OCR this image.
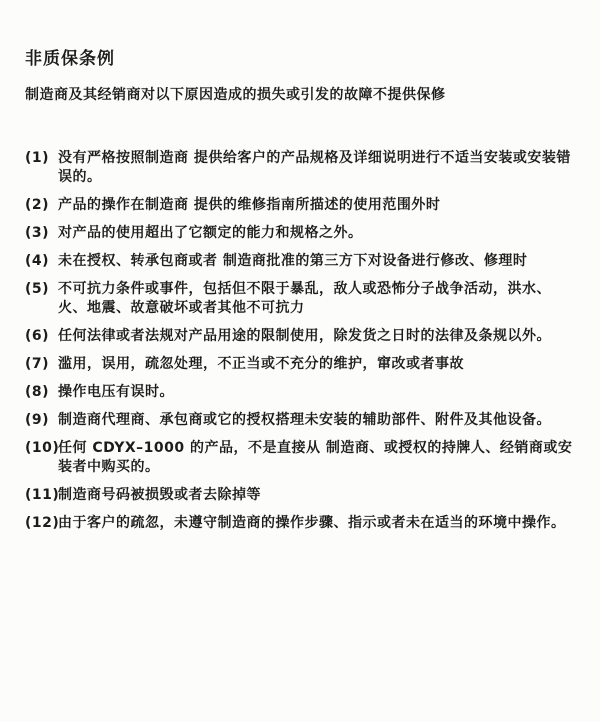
非质保条例

制造商及其经销商对以下原因造成的损失或引发的故障不提供保修

(1) 没有严格按照制造商 提供给客户的产品规格及详细说明进行不适当安装或安装错误的。
(2) 产品的操作在制造商 提供的维修指南所描述的使用范围外时
(3) 对产品的使用超出了它额定的能力和规格之外。
(4) 未在授权、转承包商或者 制造商批准的第三方下对设备进行修改、修理时
(5) 不可抗力条件或事件，包括但不限于暴乱，敌人或恐怖分子战争活动，洪水、火、地震、故意破坏或者其他不可抗力
(6) 任何法律或者法规对产品用途的限制使用，除发货之日时的法律及条规以外。
(7) 滥用，误用，疏忽处理，不正当或不充分的维护，窜改或者事故
(8) 操作电压有误时。
(9) 制造商代理商、承包商或它的授权搭理未安装的辅助部件、附件及其他设备。
(10)
任何 CDYX–1000 的产品，不是直接从 制造商、或授权的持牌人、经销商或安装者中购买的。
(11)
制造商号码被损毁或者去除掉等
(12)
由于客户的疏忽，未遵守制造商的操作步骤、指示或者未在适当的环境中操作。
